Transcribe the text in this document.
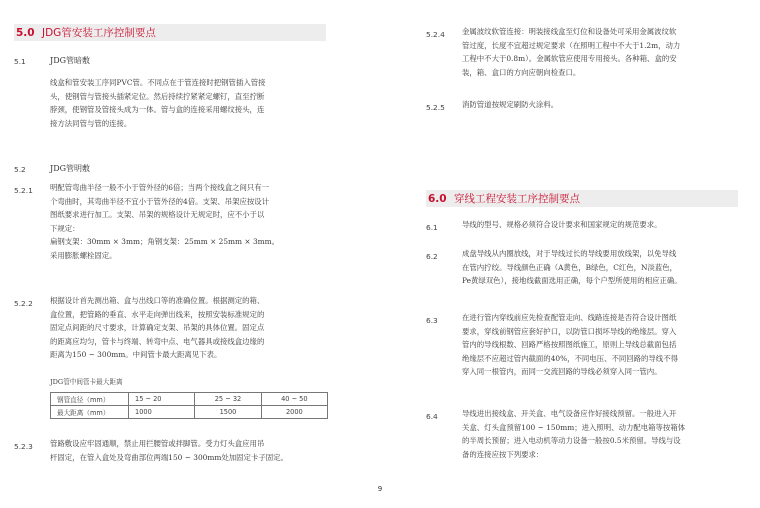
5.0 JDG管安装工序控制要点
5.1	JDG管暗敷

线盒和管安装工序同PVC管。不同点在于管连接时把钢管插入管接

头，使钢管与管接头插紧定位。然后持续拧紧紧定螺钉，直至拧断

脖颈，使钢管及管接头成为一体。管与盒的连接采用螺纹接头，连

接方法同管与管的连接。

5.2	JDG管明敷
5.2.1 明配管弯曲半径一般不小于管外径的6倍；当两个接线盒之间只有一

个弯曲时，其弯曲半径不宜小于管外径的4倍。支架、吊架应按设计

图纸要求进行加工。支架、吊架的规格设计无规定时，应不小于以

下规定：

扁钢支架：30mm × 3mm；角钢支架：25mm × 25mm × 3mm。

采用膨胀螺栓固定。

5.2.2 根据设计首先测出箱、盒与出线口等的准确位置。根据测定的箱、

盒位置，把管路的垂直、水平走向弹出线来，按照安装标准规定的

固定点间距的尺寸要求，计算确定支架、吊架的具体位置。固定点

的距离应均匀，管卡与终端、转弯中点、电气器具或接线盒边缘的

距离为150 ~ 300mm。中间管卡最大距离见下表。

JDG管中间管卡最大距离
钢管直径（mm）	15 ~ 20	25 ~ 32	40 ~ 50
最大距离（mm）	1000	1500	2000
5.2.3 管路敷设应牢固通顺，禁止用拦腰管或拌脚管。受力灯头盒应用吊

杆固定，在管入盒处及弯曲部位两端150 ~ 300mm处加固定卡子固定。

5.2.4 金属波纹软管连接：明装接线盒至灯位和设备处可采用金属波纹软

管过度，长度不宜超过规定要求（在照明工程中不大于1.2m，动力

工程中不大于0.8m）。金属软管应使用专用接头。各种箱、盒的安

装，箱、盒口的方向应朝向检查口。

5.2.5 消防管道按规定刷防火涂料。

6.0 穿线工程安装工序控制要点
6.1	导线的型号、规格必须符合设计要求和国家规定的规范要求。

6.2	成盘导线从内圈放线，对于导线过长的导线要用放线架，以免导线

在管内拧绞。导线颜色正确（A黄色，B绿色，C红色，N淡蓝色，

Pe黄绿双色），接地线截面选用正确，每个户型所使用的相应正确。

6.3	在进行管内穿线前应先检查配管走向、线路连接是否符合设计图纸

要求，穿线前钢管应套好护口，以防管口损坏导线的绝缘层。穿入

管内的导线根数、回路严格按照图纸施工，原则上导线总截面包括

绝缘层不应超过管内截面的40%，不同电压、不同回路的导线不得

穿入同一根管内，而同一交流回路的导线必须穿入同一管内。

6.4	导线进出接线盒、开关盒、电气设备应作好接线预留。一般进入开

关盒、灯头盒预留100 ~ 150mm；进入照明、动力配电箱等按箱体

的半周长预留；进入电动机等动力设备一般按0.5米预留。导线与设

备的连接应按下列要求：

9
